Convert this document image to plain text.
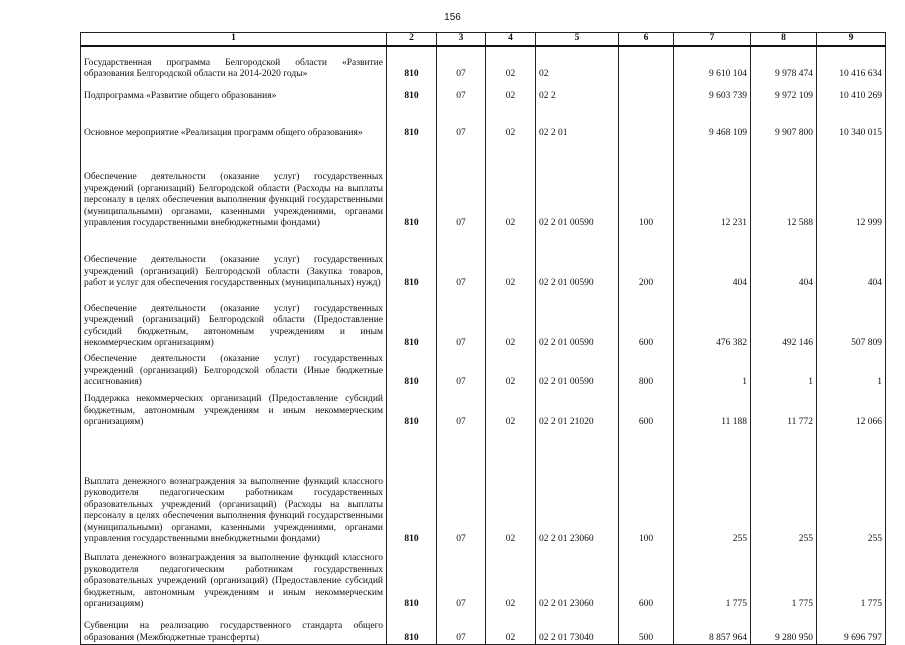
156
1	2	3	4	5	6	7	8	9
Государственная программа Белгородской области «Развитие образования Белгородской области на 2014-2020 годы»	810	07	02	02		9 610 104	9 978 474	10 416 634
Подпрограмма «Развитие общего образования»	810	07	02	02 2		9 603 739	9 972 109	10 410 269
Основное мероприятие «Реализация программ общего образования»	810	07	02	02 2 01		9 468 109	9 907 800	10 340 015
Обеспечение деятельности (оказание услуг) государственных учреждений (организаций) Белгородской области (Расходы на выплаты персоналу в целях обеспечения выполнения функций государственными (муниципальными) органами, казенными учреждениями, органами управления государственными внебюджетными фондами)	810	07	02	02 2 01 00590	100	12 231	12 588	12 999
Обеспечение деятельности (оказание услуг) государственных учреждений (организаций) Белгородской области (Закупка товаров, работ и услуг для обеспечения государственных (муниципальных) нужд)	810	07	02	02 2 01 00590	200	404	404	404
Обеспечение деятельности (оказание услуг) государственных учреждений (организаций) Белгородской области (Предоставление субсидий бюджетным, автономным учреждениям и иным некоммерческим организациям)	810	07	02	02 2 01 00590	600	476 382	492 146	507 809
Обеспечение деятельности (оказание услуг) государственных учреждений (организаций) Белгородской области (Иные бюджетные ассигнования)	810	07	02	02 2 01 00590	800	1	1	1
Поддержка некоммерческих организаций (Предоставление субсидий бюджетным, автономным учреждениям и иным некоммерческим организациям)	810	07	02	02 2 01 21020	600	11 188	11 772	12 066
Выплата денежного вознаграждения за выполнение функций классного руководителя педагогическим работникам государственных образовательных учреждений (организаций) (Расходы на выплаты персоналу в целях обеспечения выполнения функций государственными (муниципальными) органами, казенными учреждениями, органами управления государственными внебюджетными фондами)	810	07	02	02 2 01 23060	100	255	255	255
Выплата денежного вознаграждения за выполнение функций классного руководителя педагогическим работникам государственных образовательных учреждений (организаций) (Предоставление субсидий бюджетным, автономным учреждениям и иным некоммерческим организациям)	810	07	02	02 2 01 23060	600	1 775	1 775	1 775
Субвенции на реализацию государственного стандарта общего образования (Межбюджетные трансферты)	810	07	02	02 2 01 73040	500	8 857 964	9 280 950	9 696 797
